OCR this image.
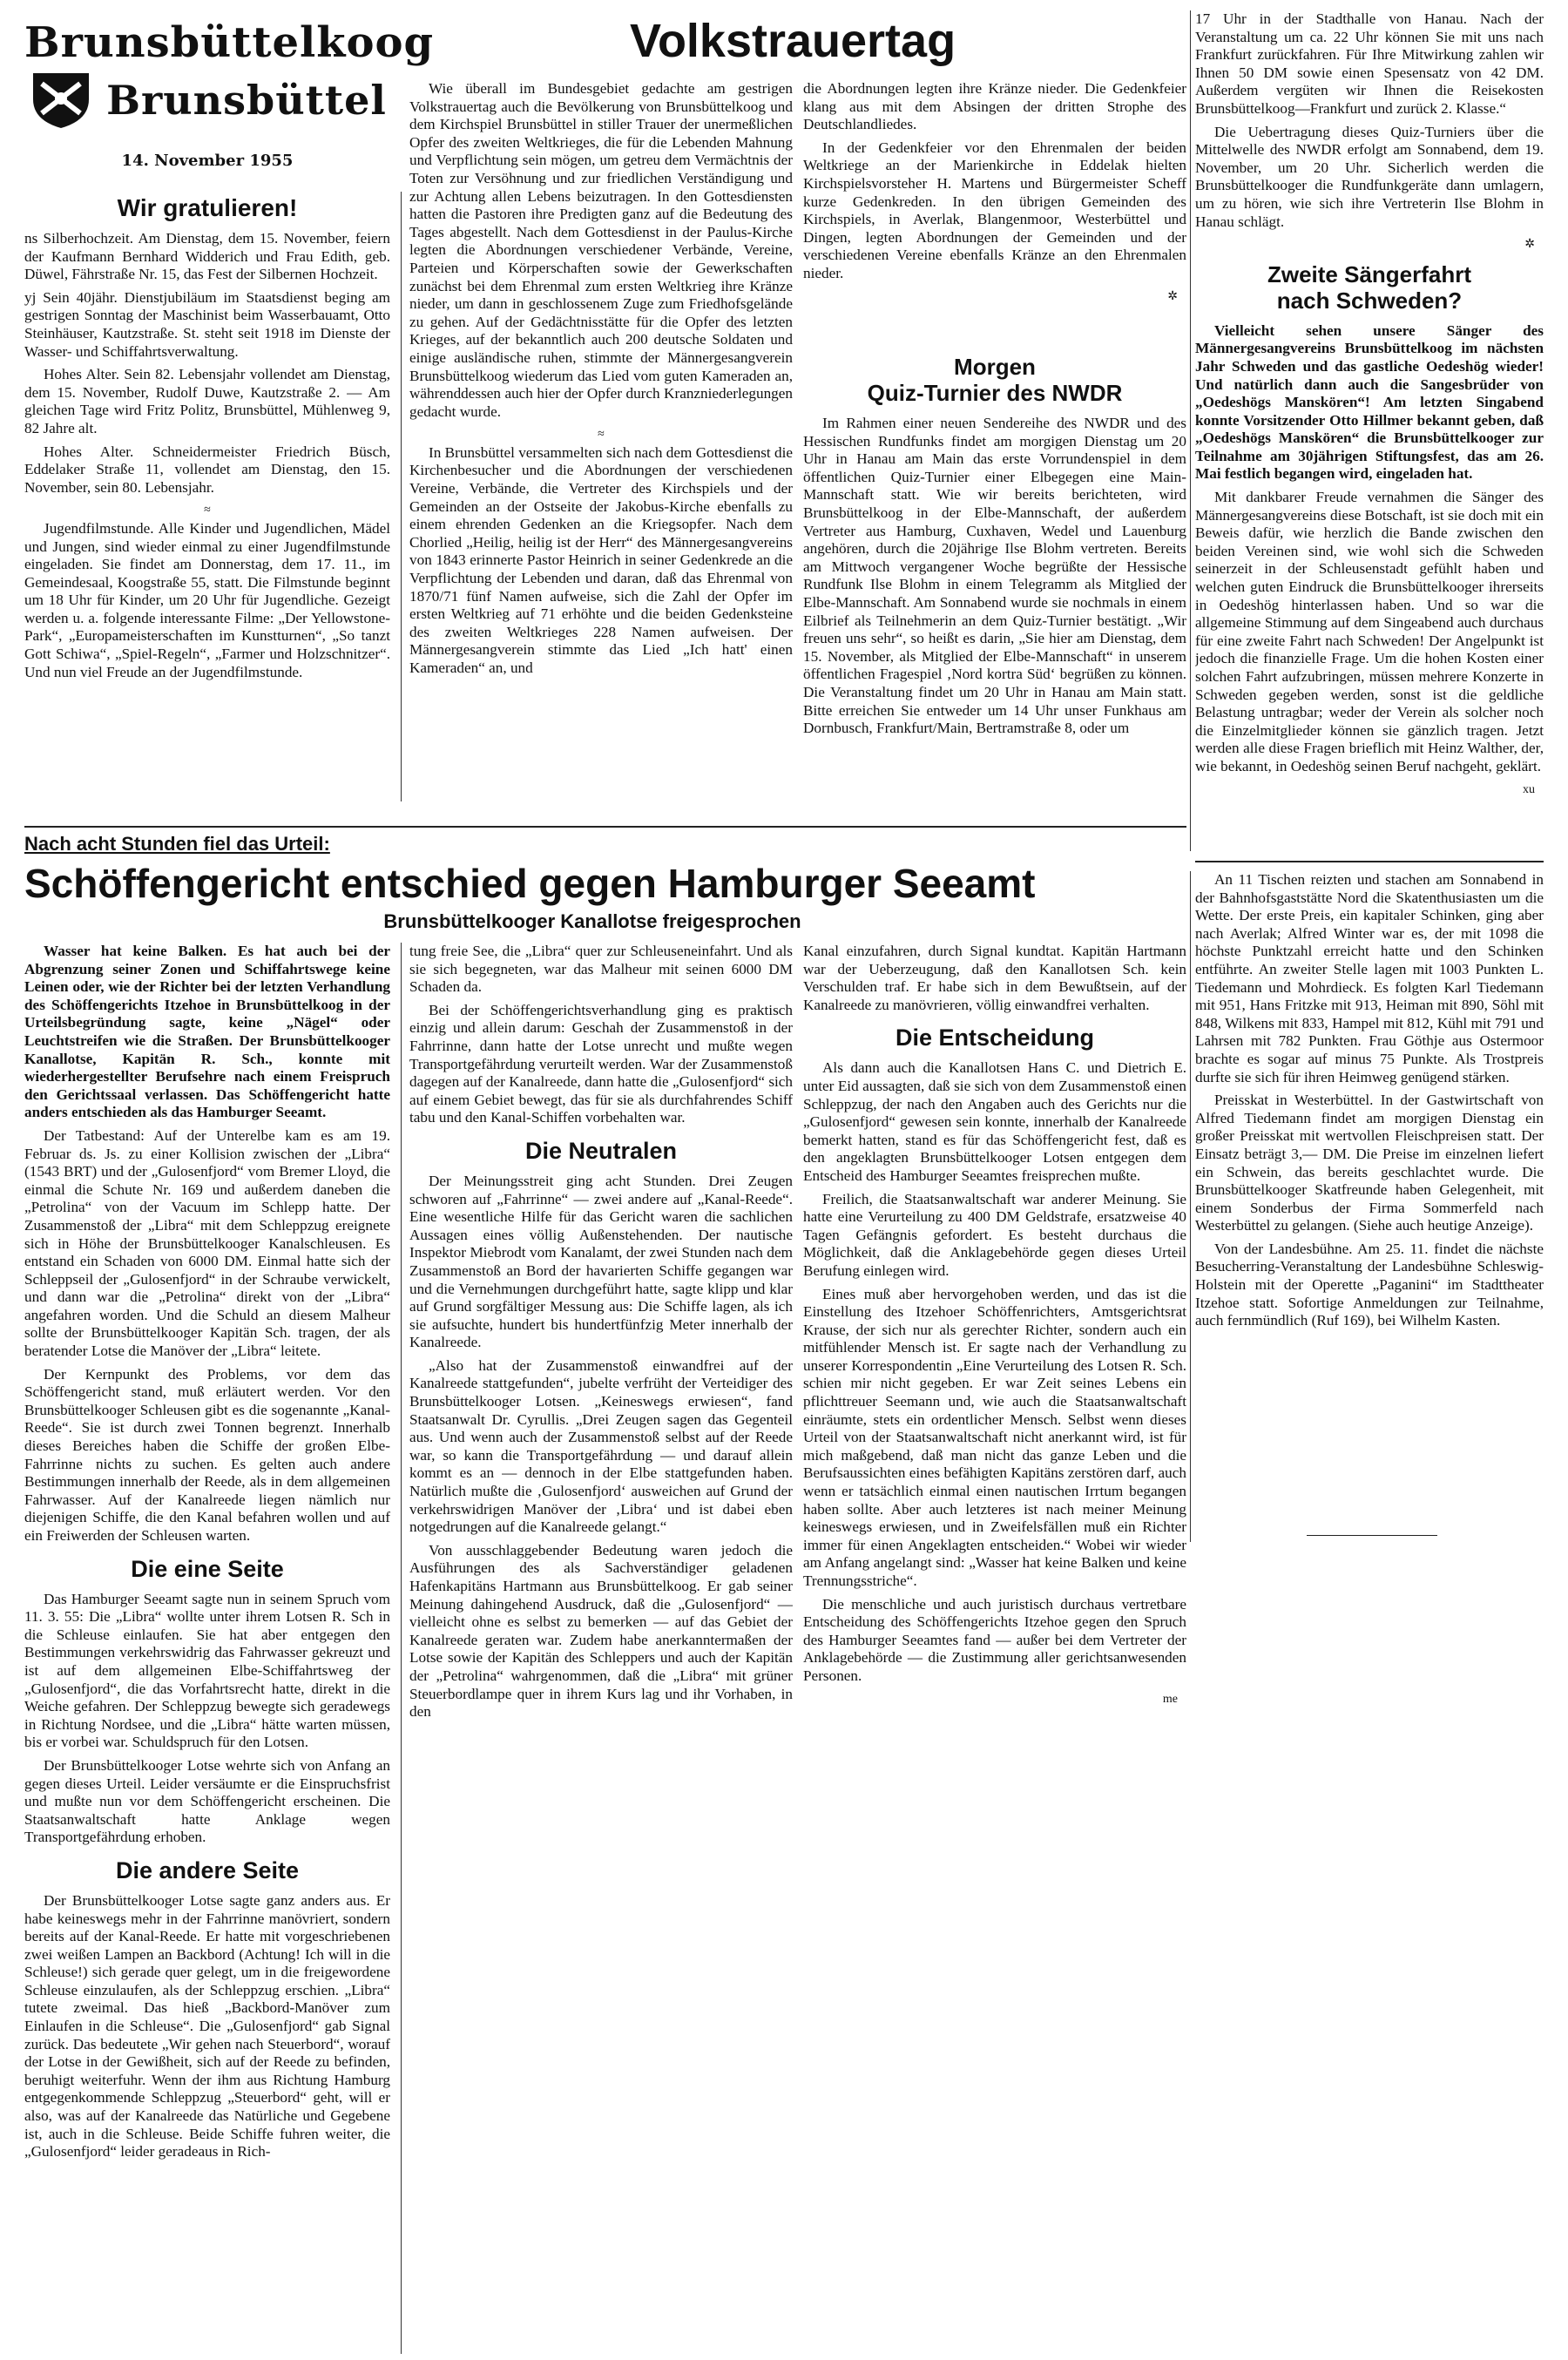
Brunsbüttelkoog
Brunsbüttel
14. November 1955
Wir gratulieren!

ns Silberhochzeit. Am Dienstag, dem 15. November, feiern der Kaufmann Bernhard Widderich und Frau Edith, geb. Düwel, Fährstraße Nr. 15, das Fest der Silbernen Hochzeit.

yj Sein 40jähr. Dienstjubiläum im Staatsdienst beging am gestrigen Sonntag der Maschinist beim Wasserbauamt, Otto Steinhäuser, Kautzstraße. St. steht seit 1918 im Dienste der Wasser- und Schiffahrtsverwaltung.

Hohes Alter. Sein 82. Lebensjahr vollendet am Dienstag, dem 15. November, Rudolf Duwe, Kautzstraße 2. — Am gleichen Tage wird Fritz Politz, Brunsbüttel, Mühlenweg 9, 82 Jahre alt.

Hohes Alter. Schneidermeister Friedrich Büsch, Eddelaker Straße 11, vollendet am Dienstag, den 15. November, sein 80. Lebensjahr.

≈

Jugendfilmstunde. Alle Kinder und Jugendlichen, Mädel und Jungen, sind wieder einmal zu einer Jugendfilmstunde eingeladen. Sie findet am Donnerstag, dem 17. 11., im Gemeindesaal, Koogstraße 55, statt. Die Filmstunde beginnt um 18 Uhr für Kinder, um 20 Uhr für Jugendliche. Gezeigt werden u. a. folgende interessante Filme: „Der Yellowstone-Park“, „Europameisterschaften im Kunstturnen“, „So tanzt Gott Schiwa“, „Spiel-Regeln“, „Farmer und Holzschnitzer“. Und nun viel Freude an der Jugendfilmstunde.

Volkstrauertag

Wie überall im Bundesgebiet gedachte am gestrigen Volkstrauertag auch die Bevölkerung von Brunsbüttelkoog und dem Kirchspiel Brunsbüttel in stiller Trauer der unermeßlichen Opfer des zweiten Weltkrieges, die für die Lebenden Mahnung und Verpflichtung sein mögen, um getreu dem Vermächtnis der Toten zur Versöhnung und zur friedlichen Verständigung und zur Achtung allen Lebens beizutragen. In den Gottesdiensten hatten die Pastoren ihre Predigten ganz auf die Bedeutung des Tages abgestellt. Nach dem Gottesdienst in der Paulus-Kirche legten die Abordnungen verschiedener Verbände, Vereine, Parteien und Körperschaften sowie der Gewerkschaften zunächst bei dem Ehrenmal zum ersten Weltkrieg ihre Kränze nieder, um dann in geschlossenem Zuge zum Friedhofsgelände zu gehen. Auf der Gedächtnisstätte für die Opfer des letzten Krieges, auf der bekanntlich auch 200 deutsche Soldaten und einige ausländische ruhen, stimmte der Männergesangverein Brunsbüttelkoog wiederum das Lied vom guten Kameraden an, währenddessen auch hier der Opfer durch Kranzniederlegungen gedacht wurde.

≈

In Brunsbüttel versammelten sich nach dem Gottesdienst die Kirchenbesucher und die Abordnungen der verschiedenen Vereine, Verbände, die Vertreter des Kirchspiels und der Gemeinden an der Ostseite der Jakobus-Kirche ebenfalls zu einem ehrenden Gedenken an die Kriegsopfer. Nach dem Chorlied „Heilig, heilig ist der Herr“ des Männergesangvereins von 1843 erinnerte Pastor Heinrich in seiner Gedenkrede an die Verpflichtung der Lebenden und daran, daß das Ehrenmal von 1870/71 fünf Namen aufweise, sich die Zahl der Opfer im ersten Weltkrieg auf 71 erhöhte und die beiden Gedenksteine des zweiten Weltkrieges 228 Namen aufweisen. Der Männergesangverein stimmte das Lied „Ich hatt' einen Kameraden“ an, und

die Abordnungen legten ihre Kränze nieder. Die Gedenkfeier klang aus mit dem Absingen der dritten Strophe des Deutschlandliedes.

In der Gedenkfeier vor den Ehrenmalen der beiden Weltkriege an der Marienkirche in Eddelak hielten Kirchspielsvorsteher H. Martens und Bürgermeister Scheff kurze Gedenkreden. In den übrigen Gemeinden des Kirchspiels, in Averlak, Blangenmoor, Westerbüttel und Dingen, legten Abordnungen der Gemeinden und der verschiedenen Vereine ebenfalls Kränze an den Ehrenmalen nieder.

✲
Morgen
Quiz-Turnier des NWDR

Im Rahmen einer neuen Sendereihe des NWDR und des Hessischen Rundfunks findet am morgigen Dienstag um 20 Uhr in Hanau am Main das erste Vorrundenspiel in dem öffentlichen Quiz-Turnier einer Elbegegen eine Main-Mannschaft statt. Wie wir bereits berichteten, wird Brunsbüttelkoog in der Elbe-Mannschaft, der außerdem Vertreter aus Hamburg, Cuxhaven, Wedel und Lauenburg angehören, durch die 20jährige Ilse Blohm vertreten. Bereits am Mittwoch vergangener Woche begrüßte der Hessische Rundfunk Ilse Blohm in einem Telegramm als Mitglied der Elbe-Mannschaft. Am Sonnabend wurde sie nochmals in einem Eilbrief als Teilnehmerin an dem Quiz-Turnier bestätigt. „Wir freuen uns sehr“, so heißt es darin, „Sie hier am Dienstag, dem 15. November, als Mitglied der Elbe-Mannschaft“ in unserem öffentlichen Fragespiel ‚Nord kortra Süd‘ begrüßen zu können. Die Veranstaltung findet um 20 Uhr in Hanau am Main statt. Bitte erreichen Sie entweder um 14 Uhr unser Funkhaus am Dornbusch, Frankfurt/Main, Bertramstraße 8, oder um

17 Uhr in der Stadthalle von Hanau. Nach der Veranstaltung um ca. 22 Uhr können Sie mit uns nach Frankfurt zurückfahren. Für Ihre Mitwirkung zahlen wir Ihnen 50 DM sowie einen Spesensatz von 42 DM. Außerdem vergüten wir Ihnen die Reisekosten Brunsbüttelkoog—Frankfurt und zurück 2. Klasse.“

Die Uebertragung dieses Quiz-Turniers über die Mittelwelle des NWDR erfolgt am Sonnabend, dem 19. November, um 20 Uhr. Sicherlich werden die Brunsbüttelkooger die Rundfunkgeräte dann umlagern, um zu hören, wie sich ihre Vertreterin Ilse Blohm in Hanau schlägt.

✲
Zweite Sängerfahrt
nach Schweden?

Vielleicht sehen unsere Sänger des Männergesangvereins Brunsbüttelkoog im nächsten Jahr Schweden und das gastliche Oedeshög wieder! Und natürlich dann auch die Sangesbrüder von „Oedeshögs Manskören“! Am letzten Singabend konnte Vorsitzender Otto Hillmer bekannt geben, daß „Oedeshögs Manskören“ die Brunsbüttelkooger zur Teilnahme am 30jährigen Stiftungsfest, das am 26. Mai festlich begangen wird, eingeladen hat.

Mit dankbarer Freude vernahmen die Sänger des Männergesangvereins diese Botschaft, ist sie doch mit ein Beweis dafür, wie herzlich die Bande zwischen den beiden Vereinen sind, wie wohl sich die Schweden seinerzeit in der Schleusenstadt gefühlt haben und welchen guten Eindruck die Brunsbüttelkooger ihrerseits in Oedeshög hinterlassen haben. Und so war die allgemeine Stimmung auf dem Singeabend auch durchaus für eine zweite Fahrt nach Schweden! Der Angelpunkt ist jedoch die finanzielle Frage. Um die hohen Kosten einer solchen Fahrt aufzubringen, müssen mehrere Konzerte in Schweden gegeben werden, sonst ist die geldliche Belastung untragbar; weder der Verein als solcher noch die Einzelmitglieder können sie gänzlich tragen. Jetzt werden alle diese Fragen brieflich mit Heinz Walther, der, wie bekannt, in Oedeshög seinen Beruf nachgeht, geklärt.

xu
Nach acht Stunden fiel das Urteil:
Schöffengericht entschied gegen Hamburger Seeamt
Brunsbüttelkooger Kanallotse freigesprochen

Wasser hat keine Balken. Es hat auch bei der Abgrenzung seiner Zonen und Schiffahrtswege keine Leinen oder, wie der Richter bei der letzten Verhandlung des Schöffengerichts Itzehoe in Brunsbüttelkoog in der Urteilsbegründung sagte, keine „Nägel“ oder Leuchtstreifen wie die Straßen. Der Brunsbüttelkooger Kanallotse, Kapitän R. Sch., konnte mit wiederhergestellter Berufsehre nach einem Freispruch den Gerichtssaal verlassen. Das Schöffengericht hatte anders entschieden als das Hamburger Seeamt.

Der Tatbestand: Auf der Unterelbe kam es am 19. Februar ds. Js. zu einer Kollision zwischen der „Libra“ (1543 BRT) und der „Gulosenfjord“ vom Bremer Lloyd, die einmal die Schute Nr. 169 und außerdem daneben die „Petrolina“ von der Vacuum im Schlepp hatte. Der Zusammenstoß der „Libra“ mit dem Schleppzug ereignete sich in Höhe der Brunsbüttelkooger Kanalschleusen. Es entstand ein Schaden von 6000 DM. Einmal hatte sich der Schleppseil der „Gulosenfjord“ in der Schraube verwickelt, und dann war die „Petrolina“ direkt von der „Libra“ angefahren worden. Und die Schuld an diesem Malheur sollte der Brunsbüttelkooger Kapitän Sch. tragen, der als beratender Lotse die Manöver der „Libra“ leitete.

Der Kernpunkt des Problems, vor dem das Schöffengericht stand, muß erläutert werden. Vor den Brunsbüttelkooger Schleusen gibt es die sogenannte „Kanal-Reede“. Sie ist durch zwei Tonnen begrenzt. Innerhalb dieses Bereiches haben die Schiffe der großen Elbe-Fahrrinne nichts zu suchen. Es gelten auch andere Bestimmungen innerhalb der Reede, als in dem allgemeinen Fahrwasser. Auf der Kanalreede liegen nämlich nur diejenigen Schiffe, die den Kanal befahren wollen und auf ein Freiwerden der Schleusen warten.

Die eine Seite

Das Hamburger Seeamt sagte nun in seinem Spruch vom 11. 3. 55: Die „Libra“ wollte unter ihrem Lotsen R. Sch in die Schleuse einlaufen. Sie hat aber entgegen den Bestimmungen verkehrswidrig das Fahrwasser gekreuzt und ist auf dem allgemeinen Elbe-Schiffahrtsweg der „Gulosenfjord“, die das Vorfahrtsrecht hatte, direkt in die Weiche gefahren. Der Schleppzug bewegte sich geradewegs in Richtung Nordsee, und die „Libra“ hätte warten müssen, bis er vorbei war. Schuldspruch für den Lotsen.

Der Brunsbüttelkooger Lotse wehrte sich von Anfang an gegen dieses Urteil. Leider versäumte er die Einspruchsfrist und mußte nun vor dem Schöffengericht erscheinen. Die Staatsanwaltschaft hatte Anklage wegen Transportgefährdung erhoben.

Die andere Seite

Der Brunsbüttelkooger Lotse sagte ganz anders aus. Er habe keineswegs mehr in der Fahrrinne manövriert, sondern bereits auf der Kanal-Reede. Er hatte mit vorgeschriebenen zwei weißen Lampen an Backbord (Achtung! Ich will in die Schleuse!) sich gerade quer gelegt, um in die freigewordene Schleuse einzulaufen, als der Schleppzug erschien. „Libra“ tutete zweimal. Das hieß „Backbord-Manöver zum Einlaufen in die Schleuse“. Die „Gulosenfjord“ gab Signal zurück. Das bedeutete „Wir gehen nach Steuerbord“, worauf der Lotse in der Gewißheit, sich auf der Reede zu befinden, beruhigt weiterfuhr. Wenn der ihm aus Richtung Hamburg entgegenkommende Schleppzug „Steuerbord“ geht, will er also, was auf der Kanalreede das Natürliche und Gegebene ist, auch in die Schleuse. Beide Schiffe fuhren weiter, die „Gulosenfjord“ leider geradeaus in Rich-

tung freie See, die „Libra“ quer zur Schleuseneinfahrt. Und als sie sich begegneten, war das Malheur mit seinen 6000 DM Schaden da.

Bei der Schöffengerichtsverhandlung ging es praktisch einzig und allein darum: Geschah der Zusammenstoß in der Fahrrinne, dann hatte der Lotse unrecht und mußte wegen Transportgefährdung verurteilt werden. War der Zusammenstoß dagegen auf der Kanalreede, dann hatte die „Gulosenfjord“ sich auf einem Gebiet bewegt, das für sie als durchfahrendes Schiff tabu und den Kanal-Schiffen vorbehalten war.

Die Neutralen

Der Meinungsstreit ging acht Stunden. Drei Zeugen schworen auf „Fahrrinne“ — zwei andere auf „Kanal-Reede“. Eine wesentliche Hilfe für das Gericht waren die sachlichen Aussagen eines völlig Außenstehenden. Der nautische Inspektor Miebrodt vom Kanalamt, der zwei Stunden nach dem Zusammenstoß an Bord der havarierten Schiffe gegangen war und die Vernehmungen durchgeführt hatte, sagte klipp und klar auf Grund sorgfältiger Messung aus: Die Schiffe lagen, als ich sie aufsuchte, hundert bis hundertfünfzig Meter innerhalb der Kanalreede.

„Also hat der Zusammenstoß einwandfrei auf der Kanalreede stattgefunden“, jubelte verfrüht der Verteidiger des Brunsbüttelkooger Lotsen. „Keineswegs erwiesen“, fand Staatsanwalt Dr. Cyrullis. „Drei Zeugen sagen das Gegenteil aus. Und wenn auch der Zusammenstoß selbst auf der Reede war, so kann die Transportgefährdung — und darauf allein kommt es an — dennoch in der Elbe stattgefunden haben. Natürlich mußte die ‚Gulosenfjord‘ ausweichen auf Grund der verkehrswidrigen Manöver der ‚Libra‘ und ist dabei eben notgedrungen auf die Kanalreede gelangt.“

Von ausschlaggebender Bedeutung waren jedoch die Ausführungen des als Sachverständiger geladenen Hafenkapitäns Hartmann aus Brunsbüttelkoog. Er gab seiner Meinung dahingehend Ausdruck, daß die „Gulosenfjord“ — vielleicht ohne es selbst zu bemerken — auf das Gebiet der Kanalreede geraten war. Zudem habe anerkanntermaßen der Lotse sowie der Kapitän des Schleppers und auch der Kapitän der „Petrolina“ wahrgenommen, daß die „Libra“ mit grüner Steuerbordlampe quer in ihrem Kurs lag und ihr Vorhaben, in den

Kanal einzufahren, durch Signal kundtat. Kapitän Hartmann war der Ueberzeugung, daß den Kanallotsen Sch. kein Verschulden traf. Er habe sich in dem Bewußtsein, auf der Kanalreede zu manövrieren, völlig einwandfrei verhalten.

Die Entscheidung

Als dann auch die Kanallotsen Hans C. und Dietrich E. unter Eid aussagten, daß sie sich von dem Zusammenstoß einen Schleppzug, der nach den Angaben auch des Gerichts nur die „Gulosenfjord“ gewesen sein konnte, innerhalb der Kanalreede bemerkt hatten, stand es für das Schöffengericht fest, daß es den angeklagten Brunsbüttelkooger Lotsen entgegen dem Entscheid des Hamburger Seeamtes freisprechen mußte.

Freilich, die Staatsanwaltschaft war anderer Meinung. Sie hatte eine Verurteilung zu 400 DM Geldstrafe, ersatzweise 40 Tagen Gefängnis gefordert. Es besteht durchaus die Möglichkeit, daß die Anklagebehörde gegen dieses Urteil Berufung einlegen wird.

Eines muß aber hervorgehoben werden, und das ist die Einstellung des Itzehoer Schöffenrichters, Amtsgerichtsrat Krause, der sich nur als gerechter Richter, sondern auch ein mitfühlender Mensch ist. Er sagte nach der Verhandlung zu unserer Korrespondentin „Eine Verurteilung des Lotsen R. Sch. schien mir nicht gegeben. Er war Zeit seines Lebens ein pflichttreuer Seemann und, wie auch die Staatsanwaltschaft einräumte, stets ein ordentlicher Mensch. Selbst wenn dieses Urteil von der Staatsanwaltschaft nicht anerkannt wird, ist für mich maßgebend, daß man nicht das ganze Leben und die Berufsaussichten eines befähigten Kapitäns zerstören darf, auch wenn er tatsächlich einmal einen nautischen Irrtum begangen haben sollte. Aber auch letzteres ist nach meiner Meinung keineswegs erwiesen, und in Zweifelsfällen muß ein Richter immer für einen Angeklagten entscheiden.“ Wobei wir wieder am Anfang angelangt sind: „Wasser hat keine Balken und keine Trennungsstriche“.

Die menschliche und auch juristisch durchaus vertretbare Entscheidung des Schöffengerichts Itzehoe gegen den Spruch des Hamburger Seeamtes fand — außer bei dem Vertreter der Anklagebehörde — die Zustimmung aller gerichtsanwesenden Personen.

me

An 11 Tischen reizten und stachen am Sonnabend in der Bahnhofsgaststätte Nord die Skatenthusiasten um die Wette. Der erste Preis, ein kapitaler Schinken, ging aber nach Averlak; Alfred Winter war es, der mit 1098 die höchste Punktzahl erreicht hatte und den Schinken entführte. An zweiter Stelle lagen mit 1003 Punkten L. Tiedemann und Mohrdieck. Es folgten Karl Tiedemann mit 951, Hans Fritzke mit 913, Heiman mit 890, Söhl mit 848, Wilkens mit 833, Hampel mit 812, Kühl mit 791 und Lahrsen mit 782 Punkten. Frau Göthje aus Ostermoor brachte es sogar auf minus 75 Punkte. Als Trostpreis durfte sie sich für ihren Heimweg genügend stärken.

Preisskat in Westerbüttel. In der Gastwirtschaft von Alfred Tiedemann findet am morgigen Dienstag ein großer Preisskat mit wertvollen Fleischpreisen statt. Der Einsatz beträgt 3,— DM. Die Preise im einzelnen liefert ein Schwein, das bereits geschlachtet wurde. Die Brunsbüttelkooger Skatfreunde haben Gelegenheit, mit einem Sonderbus der Firma Sommerfeld nach Westerbüttel zu gelangen. (Siehe auch heutige Anzeige).

Von der Landesbühne. Am 25. 11. findet die nächste Besucherring-Veranstaltung der Landesbühne Schleswig-Holstein mit der Operette „Paganini“ im Stadttheater Itzehoe statt. Sofortige Anmeldungen zur Teilnahme, auch fernmündlich (Ruf 169), bei Wilhelm Kasten.
